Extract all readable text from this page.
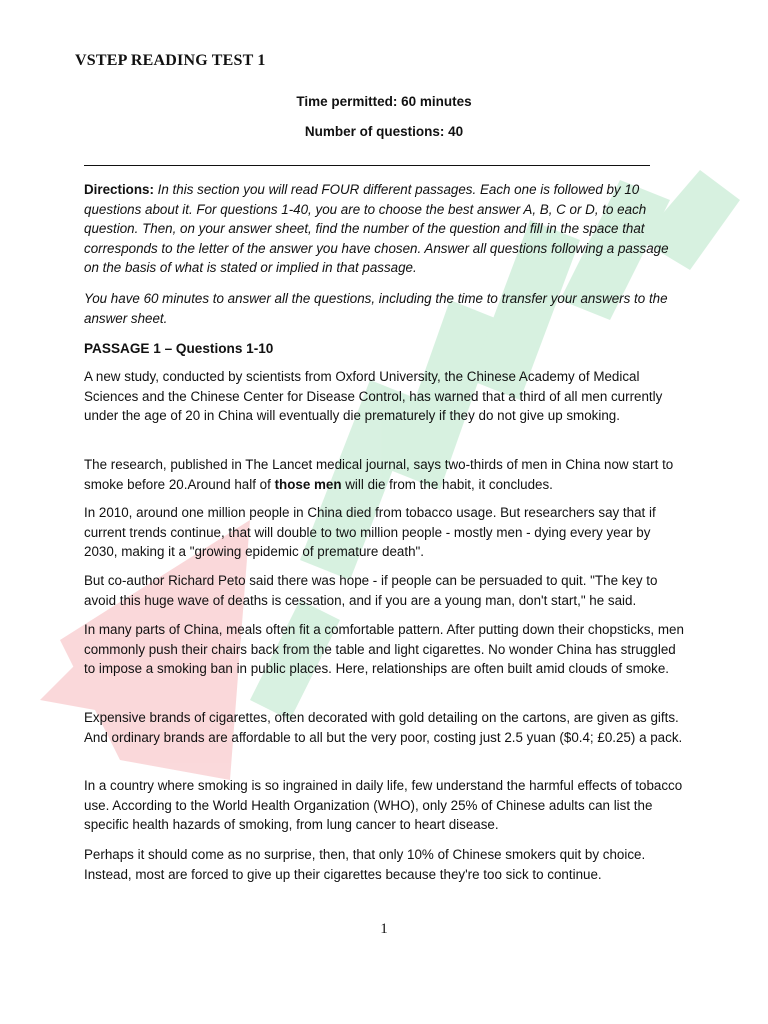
VSTEP READING TEST 1
Time permitted: 60 minutes
Number of questions: 40
Directions: In this section you will read FOUR different passages. Each one is followed by 10 questions about it. For questions 1-40, you are to choose the best answer A, B, C or D, to each question. Then, on your answer sheet, find the number of the question and fill in the space that corresponds to the letter of the answer you have chosen. Answer all questions following a passage on the basis of what is stated or implied in that passage.
You have 60 minutes to answer all the questions, including the time to transfer your answers to the answer sheet.
PASSAGE 1 – Questions 1-10
A new study, conducted by scientists from Oxford University, the Chinese Academy of Medical Sciences and the Chinese Center for Disease Control, has warned that a third of all men currently under the age of 20 in China will eventually die prematurely if they do not give up smoking.
The research, published in The Lancet medical journal, says two-thirds of men in China now start to smoke before 20.Around half of those men will die from the habit, it concludes.
In 2010, around one million people in China died from tobacco usage. But researchers say that if current trends continue, that will double to two million people - mostly men - dying every year by 2030, making it a "growing epidemic of premature death".
But co-author Richard Peto said there was hope - if people can be persuaded to quit. "The key to avoid this huge wave of deaths is cessation, and if you are a young man, don't start," he said.
In many parts of China, meals often fit a comfortable pattern. After putting down their chopsticks, men commonly push their chairs back from the table and light cigarettes. No wonder China has struggled to impose a smoking ban in public places. Here, relationships are often built amid clouds of smoke.
Expensive brands of cigarettes, often decorated with gold detailing on the cartons, are given as gifts. And ordinary brands are affordable to all but the very poor, costing just 2.5 yuan ($0.4; £0.25) a pack.
In a country where smoking is so ingrained in daily life, few understand the harmful effects of tobacco use. According to the World Health Organization (WHO), only 25% of Chinese adults can list the specific health hazards of smoking, from lung cancer to heart disease.
Perhaps it should come as no surprise, then, that only 10% of Chinese smokers quit by choice. Instead, most are forced to give up their cigarettes because they're too sick to continue.
1
